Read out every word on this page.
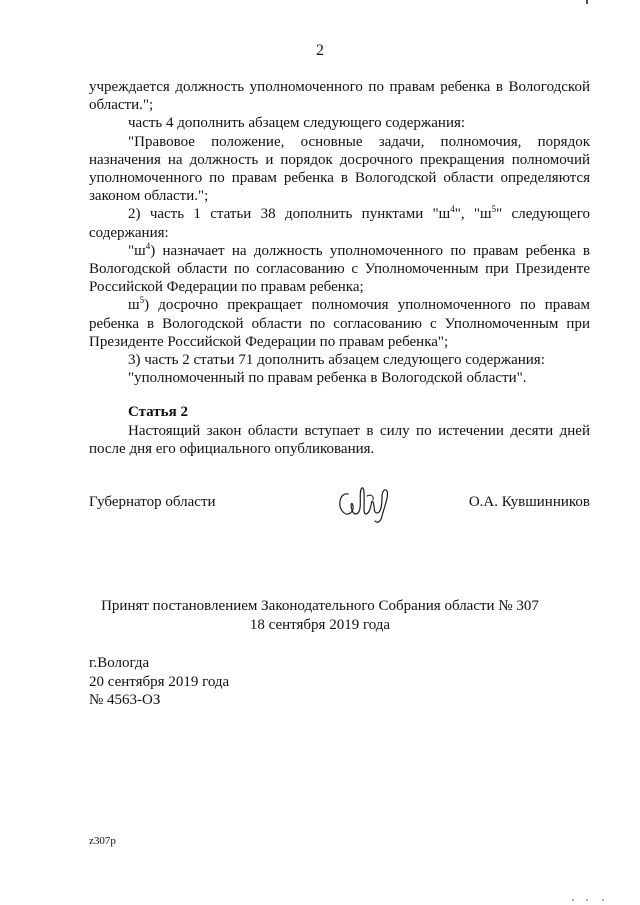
2

учреждается должность уполномоченного по правам ребенка в Вологодской области.";

часть 4 дополнить абзацем следующего содержания:

"Правовое положение, основные задачи, полномочия, порядок назначения на должность и порядок досрочного прекращения полномочий уполномоченного по правам ребенка в Вологодской области определяются законом области.";

2) часть 1 статьи 38 дополнить пунктами "$ш^4$", "$ш^5$" следующего содержания:

"$ш^4$) назначает на должность уполномоченного по правам ребенка в Вологодской области по согласованию с Уполномоченным при Президенте Российской Федерации по правам ребенка;

$ш^5$) досрочно прекращает полномочия уполномоченного по правам ребенка в Вологодской области по согласованию с Уполномоченным при Президенте Российской Федерации по правам ребенка";

3) часть 2 статьи 71 дополнить абзацем следующего содержания:

"уполномоченный по правам ребенка в Вологодской области".

Статья 2

Настоящий закон области вступает в силу по истечении десяти дней после дня его официального опубликования.

Губернатор области	О.А. Кувшинников
Принят постановлением Законодательного Собрания области № 307
18 сентября 2019 года
г.Вологда
20 сентября 2019 года
№ 4563-ОЗ
z307p
